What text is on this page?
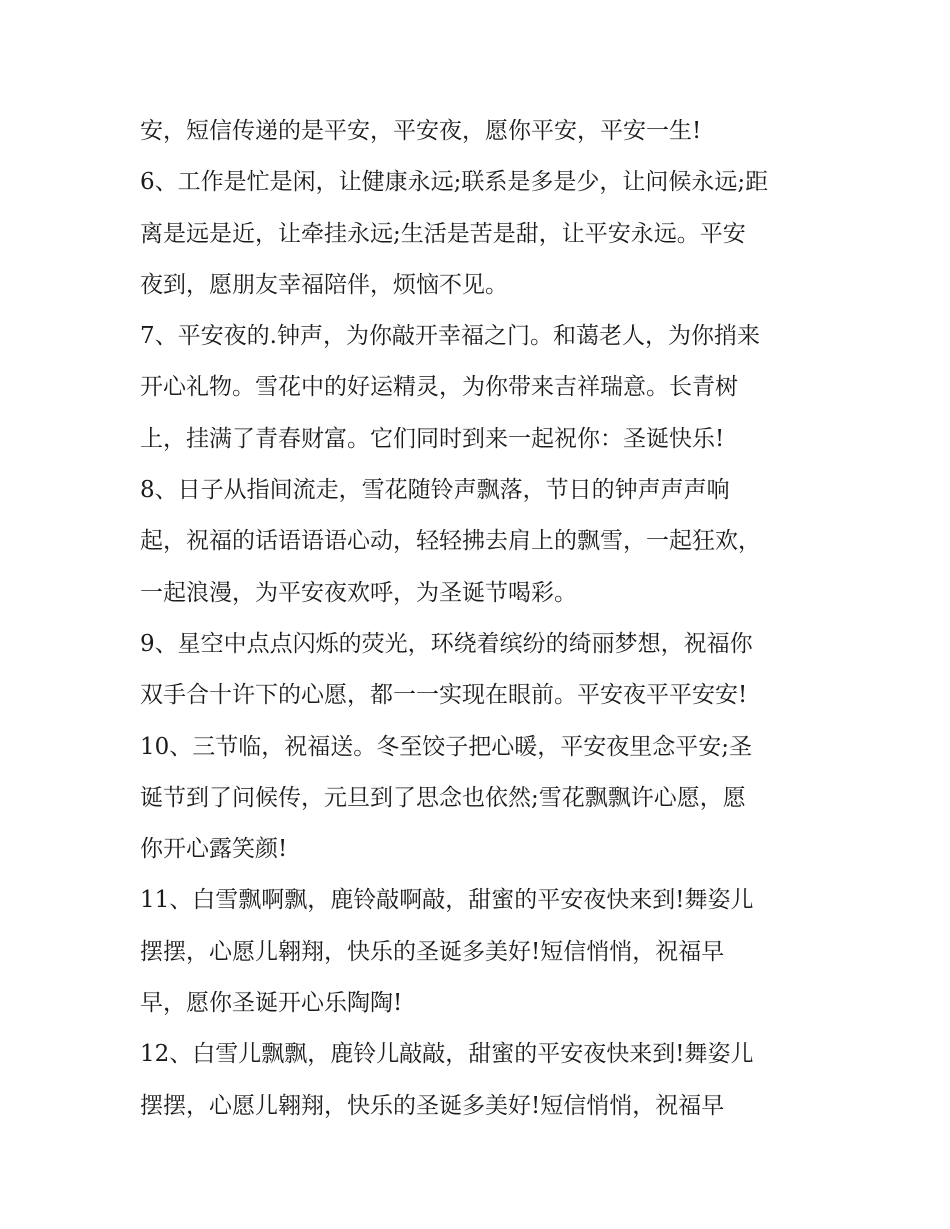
安，短信传递的是平安，平安夜，愿你平安，平安一生!
6、工作是忙是闲，让健康永远;联系是多是少，让问候永远;距
离是远是近，让牵挂永远;生活是苦是甜，让平安永远。平安
夜到，愿朋友幸福陪伴，烦恼不见。
7、平安夜的.钟声，为你敲开幸福之门。和蔼老人，为你捎来
开心礼物。雪花中的好运精灵，为你带来吉祥瑞意。长青树
上，挂满了青春财富。它们同时到来一起祝你：圣诞快乐!
8、日子从指间流走，雪花随铃声飘落，节日的钟声声声响
起，祝福的话语语语心动，轻轻拂去肩上的飘雪，一起狂欢，
一起浪漫，为平安夜欢呼，为圣诞节喝彩。
9、星空中点点闪烁的荧光，环绕着缤纷的绮丽梦想，祝福你
双手合十许下的心愿，都一一实现在眼前。平安夜平平安安!
10、三节临，祝福送。冬至饺子把心暖，平安夜里念平安;圣
诞节到了问候传，元旦到了思念也依然;雪花飘飘许心愿，愿
你开心露笑颜!
11、白雪飘啊飘，鹿铃敲啊敲，甜蜜的平安夜快来到!舞姿儿
摆摆，心愿儿翱翔，快乐的圣诞多美好!短信悄悄，祝福早
早，愿你圣诞开心乐陶陶!
12、白雪儿飘飘，鹿铃儿敲敲，甜蜜的平安夜快来到!舞姿儿
摆摆，心愿儿翱翔，快乐的圣诞多美好!短信悄悄，祝福早
